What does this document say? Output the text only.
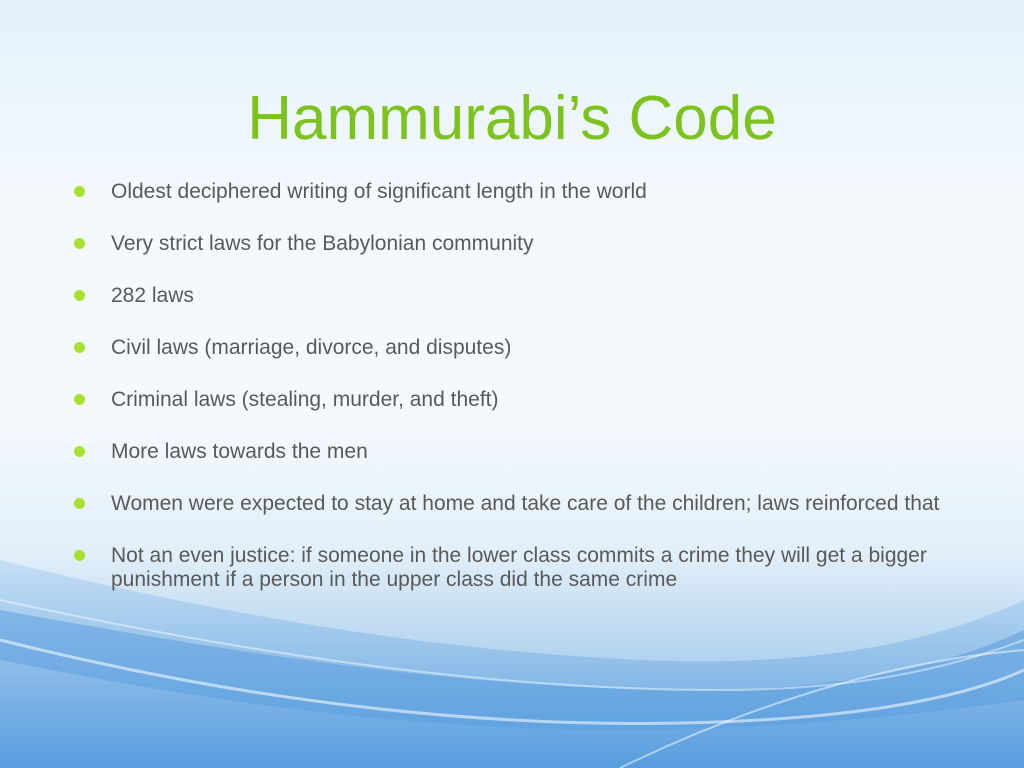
Hammurabi’s Code
Oldest deciphered writing of significant length in the world
Very strict laws for the Babylonian community
282 laws
Civil laws (marriage, divorce, and disputes)
Criminal laws (stealing, murder, and theft)
More laws towards the men
Women were expected to stay at home and take care of the children; laws reinforced that
Not an even justice: if someone in the lower class commits a crime they will get a bigger punishment if a person in the upper class did the same crime
